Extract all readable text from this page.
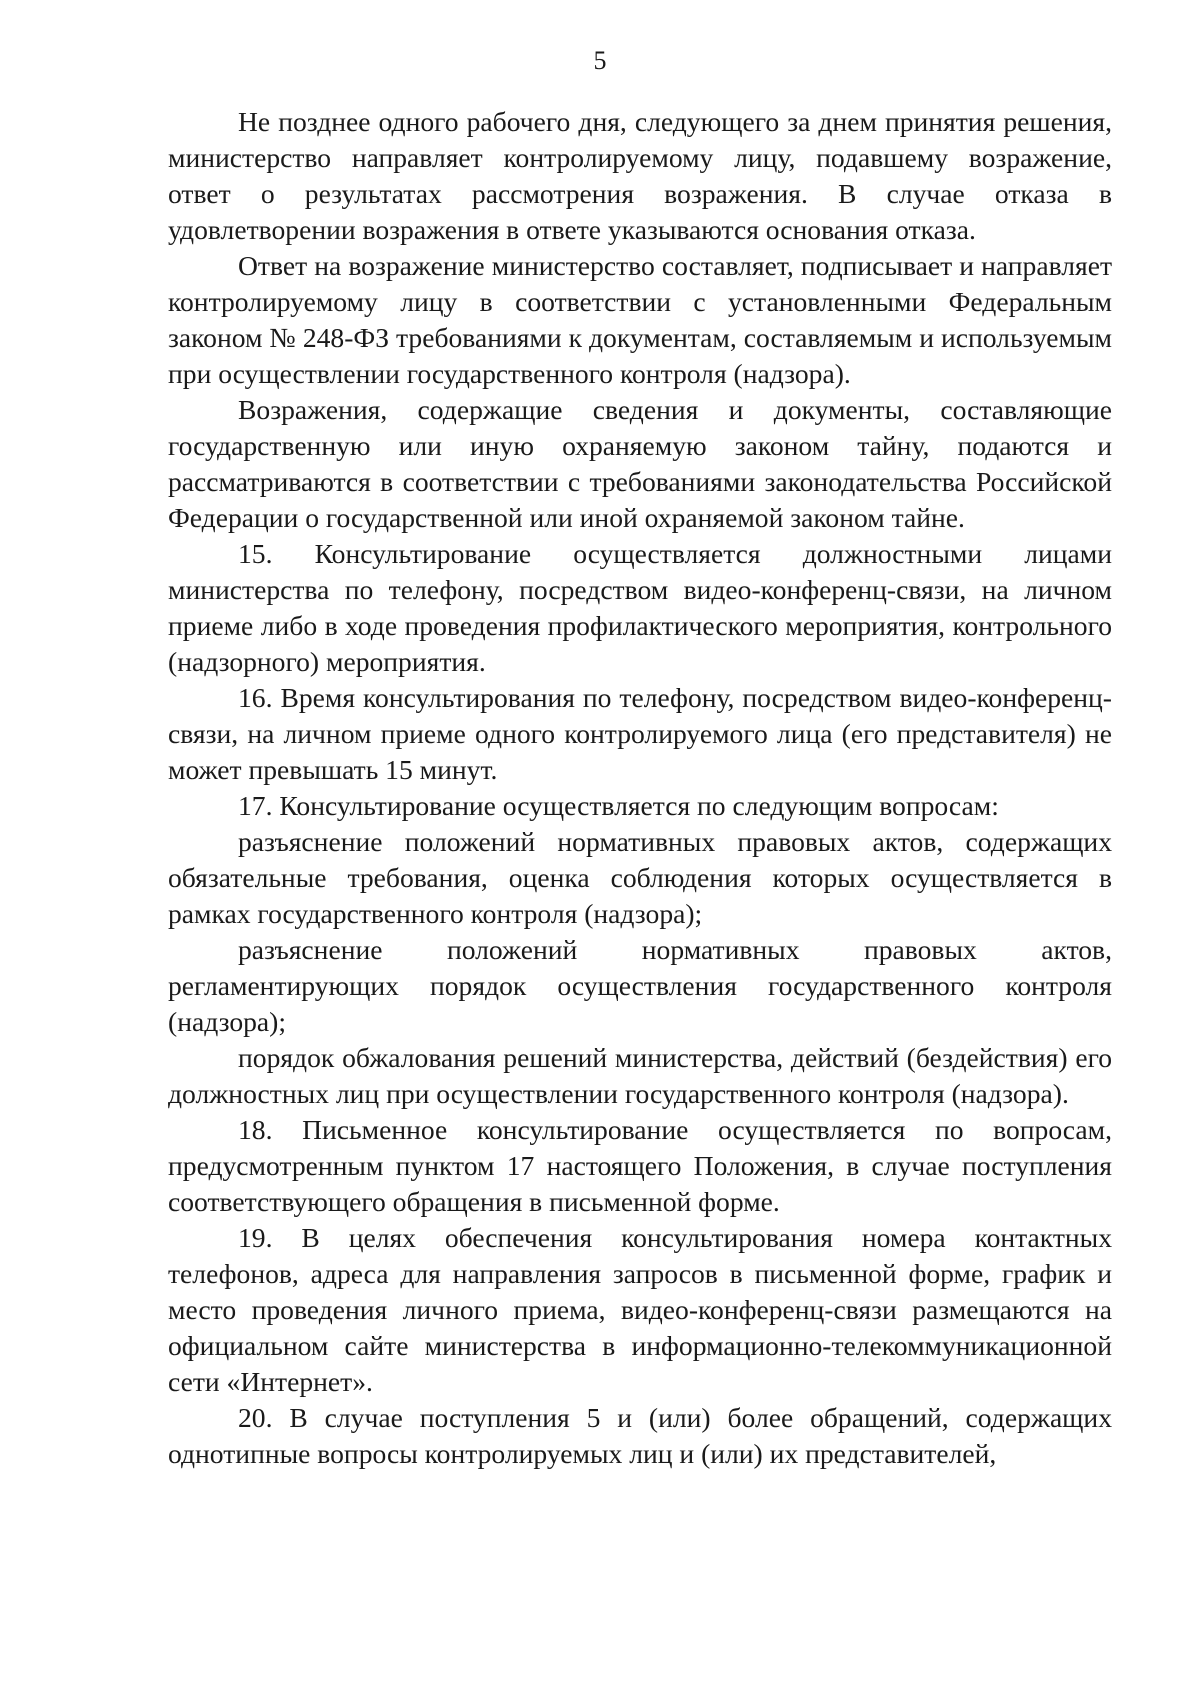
5

Не позднее одного рабочего дня, следующего за днем принятия решения, министерство направляет контролируемому лицу, подавшему возражение, ответ о результатах рассмотрения возражения. В случае отказа в удовлетворении возражения в ответе указываются основания отказа.

Ответ на возражение министерство составляет, подписывает и направляет контролируемому лицу в соответствии с установленными Федеральным законом № 248-ФЗ требованиями к документам, составляемым и используемым при осуществлении государственного контроля (надзора).

Возражения, содержащие сведения и документы, составляющие государственную или иную охраняемую законом тайну, подаются и рассматриваются в соответствии с требованиями законодательства Российской Федерации о государственной или иной охраняемой законом тайне.

15. Консультирование осуществляется должностными лицами министерства по телефону, посредством видео-конференц-связи, на личном приеме либо в ходе проведения профилактического мероприятия, контрольного (надзорного) мероприятия.

16. Время консультирования по телефону, посредством видео-конференц-связи, на личном приеме одного контролируемого лица (его представителя) не может превышать 15 минут.

17. Консультирование осуществляется по следующим вопросам:

разъяснение положений нормативных правовых актов, содержащих обязательные требования, оценка соблюдения которых осуществляется в рамках государственного контроля (надзора);

разъяснение положений нормативных правовых актов, регламентирующих порядок осуществления государственного контроля (надзора);

порядок обжалования решений министерства, действий (бездействия) его должностных лиц при осуществлении государственного контроля (надзора).

18. Письменное консультирование осуществляется по вопросам, предусмотренным пунктом 17 настоящего Положения, в случае поступления соответствующего обращения в письменной форме.

19. В целях обеспечения консультирования номера контактных телефонов, адреса для направления запросов в письменной форме, график и место проведения личного приема, видео-конференц-связи размещаются на официальном сайте министерства в информационно-телекоммуникационной сети «Интернет».

20. В случае поступления 5 и (или) более обращений, содержащих однотипные вопросы контролируемых лиц и (или) их представителей,
